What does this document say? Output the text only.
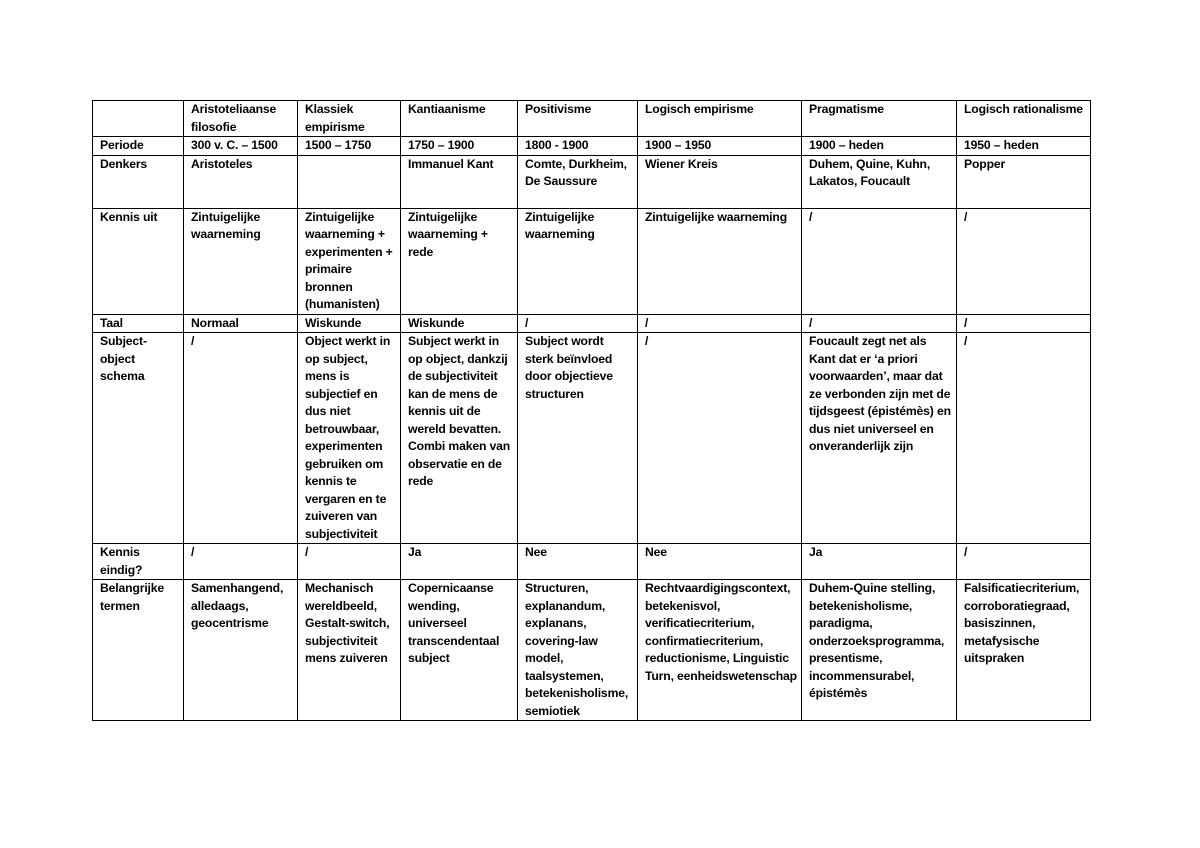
	Aristoteliaanse filosofie	Klassiek empirisme	Kantiaanisme	Positivisme	Logisch empirisme	Pragmatisme	Logisch rationalisme
Periode	300 v. C. – 1500	1500 – 1750	1750 – 1900	1800 - 1900	1900 – 1950	1900 – heden	1950 – heden
Denkers	Aristoteles		Immanuel Kant	Comte, Durkheim, De Saussure	Wiener Kreis	Duhem, Quine, Kuhn, Lakatos, Foucault	Popper
Kennis uit	Zintuigelijke waarneming	Zintuigelijke waarneming + experimenten + primaire bronnen (humanisten)	Zintuigelijke waarneming + rede	Zintuigelijke waarneming	Zintuigelijke waarneming	/	/
Taal	Normaal	Wiskunde	Wiskunde	/	/	/	/
Subject-object schema	/	Object werkt in op subject, mens is subjectief en dus niet betrouwbaar, experimenten gebruiken om kennis te vergaren en te zuiveren van subjectiviteit	Subject werkt in op object, dankzij de subjectiviteit kan de mens de kennis uit de wereld bevatten. Combi maken van observatie en de rede	Subject wordt sterk beïnvloed door objectieve structuren	/	Foucault zegt net als Kant dat er ‘a priori voorwaarden’, maar dat ze verbonden zijn met de tijdsgeest (épistémès) en dus niet universeel en onveranderlijk zijn	/
Kennis eindig?	/	/	Ja	Nee	Nee	Ja	/
Belangrijke termen	Samenhangend, alledaags, geocentrisme	Mechanisch wereldbeeld, Gestalt-switch, subjectiviteit mens zuiveren	Copernicaanse wending, universeel transcendentaal subject	Structuren, explanandum, explanans, covering-law model, taalsystemen, betekenisholisme, semiotiek	Rechtvaardigingscontext, betekenisvol, verificatiecriterium, confirmatiecriterium, reductionisme, Linguistic Turn, eenheidswetenschap	Duhem-Quine stelling, betekenisholisme, paradigma, onderzoeksprogramma, presentisme, incommensurabel, épistémès	Falsificatiecriterium, corroboratiegraad, basiszinnen, metafysische uitspraken
